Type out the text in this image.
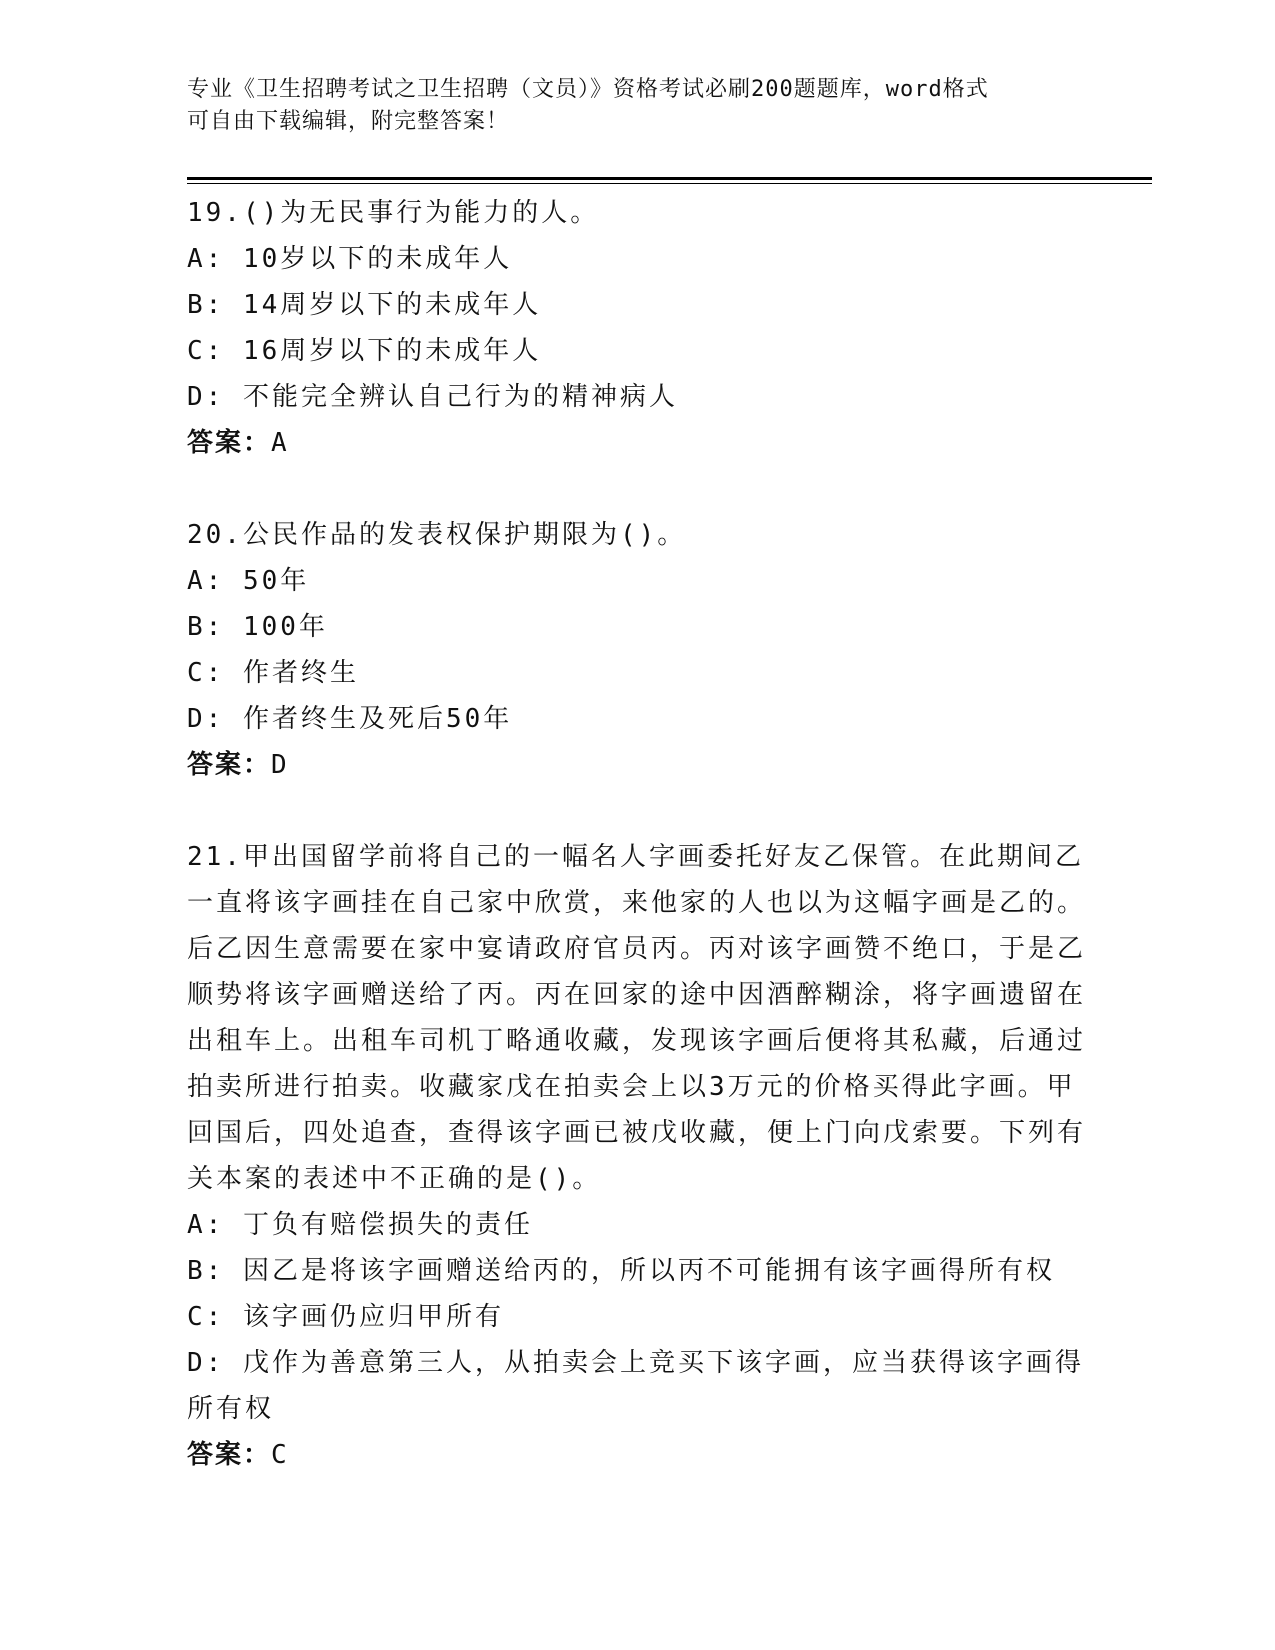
专业《卫生招聘考试之卫生招聘（文员）》资格考试必刷200题题库，word格式
可自由下载编辑，附完整答案！
19.()为无民事行为能力的人。
A: 10岁以下的未成年人
B: 14周岁以下的未成年人
C: 16周岁以下的未成年人
D: 不能完全辨认自己行为的精神病人
答案：A
20.公民作品的发表权保护期限为()。
A: 50年
B: 100年
C: 作者终生
D: 作者终生及死后50年
答案：D
21.甲出国留学前将自己的一幅名人字画委托好友乙保管。在此期间乙一直将该字画挂在自己家中欣赏，来他家的人也以为这幅字画是乙的。后乙因生意需要在家中宴请政府官员丙。丙对该字画赞不绝口，于是乙顺势将该字画赠送给了丙。丙在回家的途中因酒醉糊涂，将字画遗留在出租车上。出租车司机丁略通收藏，发现该字画后便将其私藏，后通过拍卖所进行拍卖。收藏家戊在拍卖会上以3万元的价格买得此字画。甲回国后，四处追查，查得该字画已被戊收藏，便上门向戊索要。下列有关本案的表述中不正确的是()。
A: 丁负有赔偿损失的责任
B: 因乙是将该字画赠送给丙的，所以丙不可能拥有该字画得所有权
C: 该字画仍应归甲所有
D: 戊作为善意第三人，从拍卖会上竞买下该字画，应当获得该字画得所有权
答案：C
